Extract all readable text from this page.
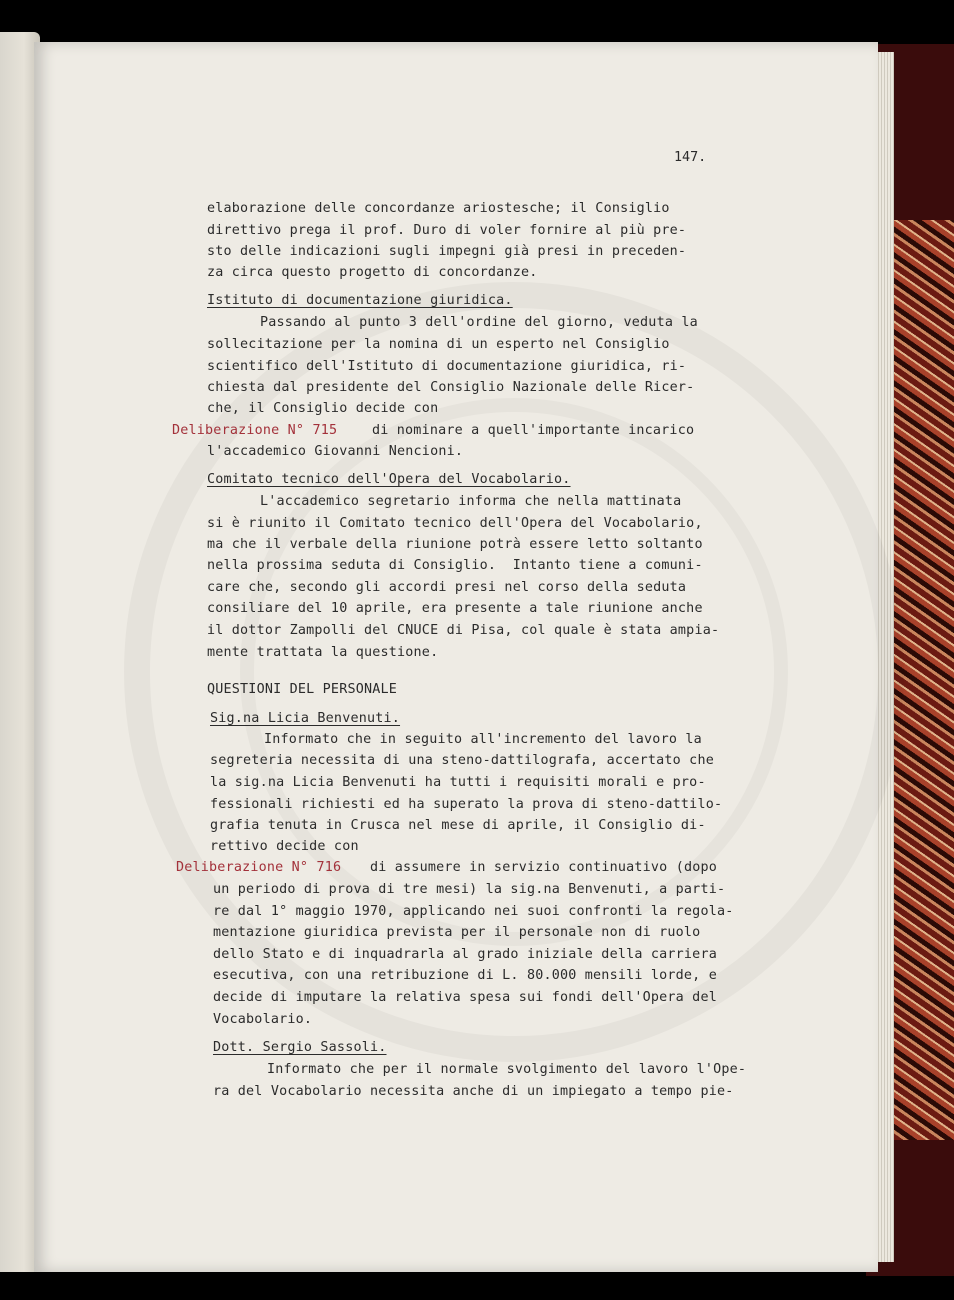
147.
elaborazione delle concordanze ariostesche; il Consiglio
direttivo prega il prof. Duro di voler fornire al più pre-
sto delle indicazioni sugli impegni già presi in preceden-
za circa questo progetto di concordanze.
Istituto di documentazione giuridica.
Passando al punto 3 dell'ordine del giorno, veduta la
sollecitazione per la nomina di un esperto nel Consiglio
scientifico dell'Istituto di documentazione giuridica, ri-
chiesta dal presidente del Consiglio Nazionale delle Ricer-
che, il Consiglio decide con
Deliberazione N° 715	di nominare a quell'importante incarico
l'accademico Giovanni Nencioni.
Comitato tecnico dell'Opera del Vocabolario.
L'accademico segretario informa che nella mattinata
si è riunito il Comitato tecnico dell'Opera del Vocabolario,
ma che il verbale della riunione potrà essere letto soltanto
nella prossima seduta di Consiglio.  Intanto tiene a comuni-
care che, secondo gli accordi presi nel corso della seduta
consiliare del 10 aprile, era presente a tale riunione anche
il dottor Zampolli del CNUCE di Pisa, col quale è stata ampia-
mente trattata la questione.
QUESTIONI DEL PERSONALE
Sig.na Licia Benvenuti.
Informato che in seguito all'incremento del lavoro la
segreteria necessita di una steno-dattilografa, accertato che
la sig.na Licia Benvenuti ha tutti i requisiti morali e pro-
fessionali richiesti ed ha superato la prova di steno-dattilo-
grafia tenuta in Crusca nel mese di aprile, il Consiglio di-
rettivo decide con
Deliberazione N° 716 di assumere in servizio continuativo (dopo
un periodo di prova di tre mesi) la sig.na Benvenuti, a parti-
re dal 1° maggio 1970, applicando nei suoi confronti la regola-
mentazione giuridica prevista per il personale non di ruolo
dello Stato e di inquadrarla al grado iniziale della carriera
esecutiva, con una retribuzione di L. 80.000 mensili lorde, e
decide di imputare la relativa spesa sui fondi dell'Opera del
Vocabolario.
Dott. Sergio Sassoli.
Informato che per il normale svolgimento del lavoro l'Ope-
ra del Vocabolario necessita anche di un impiegato a tempo pie-
